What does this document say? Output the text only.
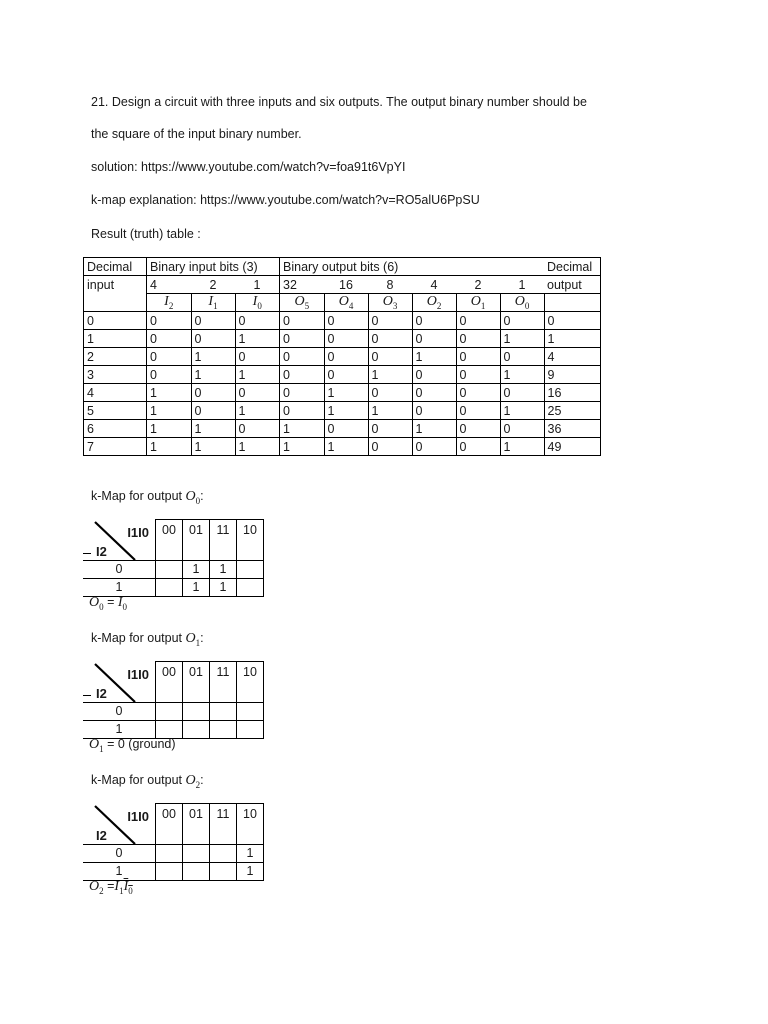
21. Design a circuit with three inputs and six outputs. The output binary number should be
the square of the input binary number.
solution: https://www.youtube.com/watch?v=foa91t6VpYI
k-map explanation: https://www.youtube.com/watch?v=RO5alU6PpSU
Result (truth) table :
Decimal	Binary input bits (3)			Binary output bits (6)						Decimal
input	4	2	1	32	16	8	4	2	1	output
	$I_2$	$I_1$	$I_0$	$O_5$	$O_4$	$O_3$	$O_2$	$O_1$	$O_0$	
0	0	0	0	0	0	0	0	0	0	0
1	0	0	1	0	0	0	0	0	1	1
2	0	1	0	0	0	0	1	0	0	4
3	0	1	1	0	0	1	0	0	1	9
4	1	0	0	0	1	0	0	0	0	16
5	1	0	1	0	1	1	0	0	1	25
6	1	1	0	1	0	0	1	0	0	36
7	1	1	1	1	1	0	0	0	1	49
k-Map for output $O_0$:
I1I0
I2	00	01	11	10
0		1	1	
1		1	1	
$O_0 = I_0$
k-Map for output $O_1$:
I1I0
I2	00	01	11	10
0				
1				
$O_1 = 0$ (ground)
k-Map for output $O_2$:
I1I0
I2	00	01	11	10
0				1
1				1
$O_2 =I_1I_0$
